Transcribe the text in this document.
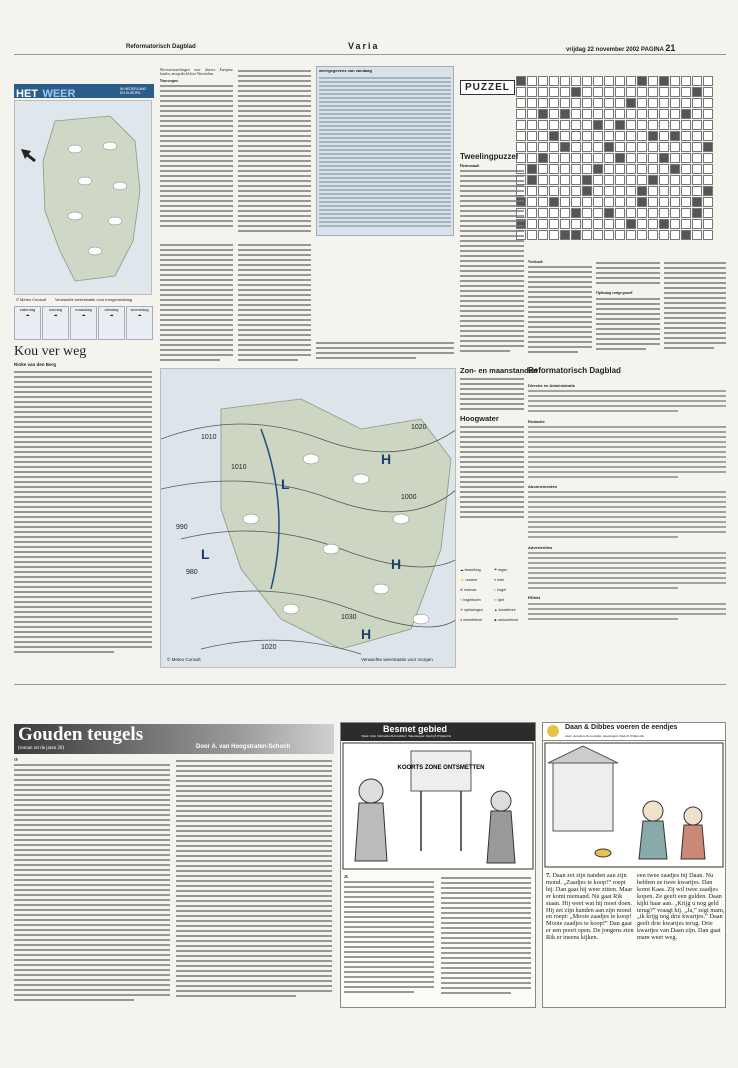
Reformatorisch Dagblad	Varia	vrijdag 22 november 2002 PAGINA 21
HET WEER	IN NEDERLAND EN EUROPA
© Meteo Consult Verwachte weerstaatin voor morgenmiddag
zaterdag
☁
zondag
☁
maandag
☁
dinsdag
☁
woensdag
☁
Kou ver weg
Rinke van den Berg
Weersverwachtingen voor diverse Europese landen, meegedeeld door Weeronline.
Noorwegen:
weergegevens van vandaag
1010
1010
1020
990
1030
980
1000
1020
H
L
L
H
H
© Meteo Consult	Verwachte weerstaatin voor morgen
Zon- en maanstanden
Hoogwater
☁ bewolking	☂ regen
⚡ onweer	≡ mist
❄ sneeuw	∴ hagel
∵ hagelbuien	∾ ijzel
☀ opklaringen	▲ koudefront
● warmtefront	◆ occlusiefront
PUZZEL
Tweelingpuzzel
Horizontaal:
Verticaal:
Oplossing vorige puzzel
Reformatorisch Dagblad
Directie en Administratie
Redactie
Abonnementen
Advertenties
RDNet
Gouden teugels
(roman uit de jaren 20)	Door A. van Hoogstraten-Schoch
19
Besmet gebied
Tekst: Rob Tebbenhoff-Kruithof. Tekeningen: Rudolf Wijnholds
KOORTS ZONE ONTSMETTEN
28.
Daan & Dibbes voeren de eendjes
tekst: Annelies Dorresteijn. tekeningen: Rudolf Wijnholds
7. Daan zet zijn handen aan zijn mond. „Zaadjes te koop!” roept hij. Dan gaat hij weer zitten. Maar er komt niemand. Nu gaat Rik staan. Hij weet wat hij moet doen. Hij zet zijn handen aan zijn mond en roept: „Mooie zaadjes te koop! Mooie zaadjes te koop!” Dan gaat er een poort open. De jongens zien Rik er ineens kijken.
een twee zaadjes bij Daan. Nu hebben ze twee kwartjes. Dan komt Kaas. Zij wil twee zaadjes kopen. Ze geeft een gulden. Daan kijkt haar aan. „Krijg u nog geld terug?” vraagt hij. „Ja,” zegt mam, „ik krijg nog drie kwartjes.” Daan geeft drie kwartjes terug. Drie kwartjes van Daan zijn. Dan gaat mam weer weg.
